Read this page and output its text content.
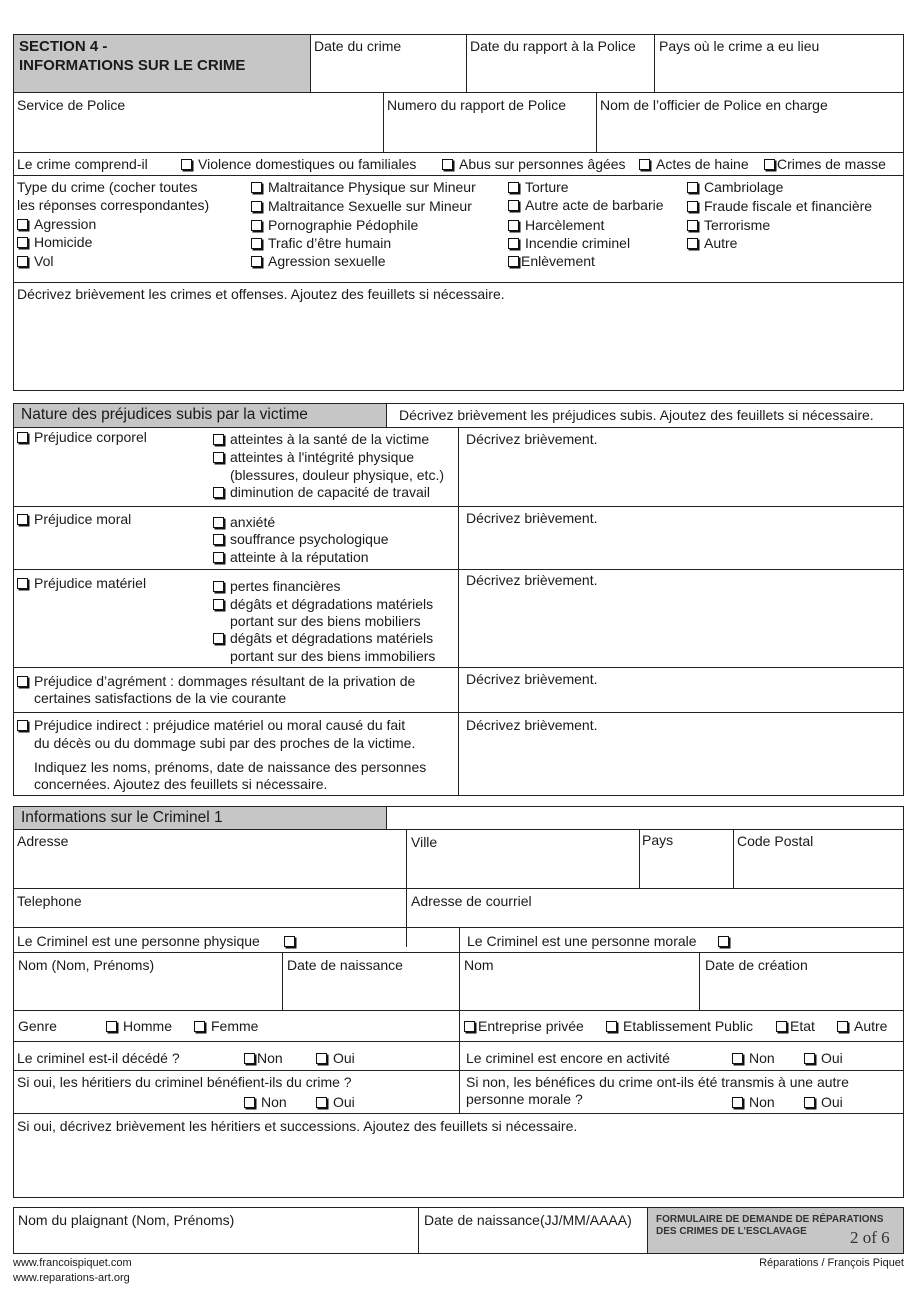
SECTION 4 -
INFORMATIONS SUR LE CRIME
Date du crime	Date du rapport à la Police Pays où le crime a eu lieu
Service de Police	Numero du rapport de Police Nom de l’officier de Police en charge
Le crime comprend-il	Violence domestiques ou familiales	Abus sur personnes âgées	Actes de haine	Crimes de masse
Type du crime (cocher toutes
les réponses correspondantes)
Agression
Homicide
Vol
Maltraitance Physique sur Mineur
Maltraitance Sexuelle sur Mineur
Pornographie Pédophile
Trafic d’être humain
Agression sexuelle
Torture
Autre acte de barbarie
Harcèlement
Incendie criminel
Enlèvement
Cambriolage
Fraude fiscale et financière
Terrorisme
Autre
Décrivez brièvement les crimes et offenses. Ajoutez des feuillets si nécessaire.
Nature des préjudices subis par la victime	Décrivez brièvement les préjudices subis. Ajoutez des feuillets si nécessaire.
Préjudice corporel	atteintes à la santé de la victime
atteintes à l'intégrité physique
(blessures, douleur physique, etc.)
diminution de capacité de travail
Décrivez brièvement.
Préjudice moral	anxiété
souffrance psychologique
atteinte à la réputation
Décrivez brièvement.
Préjudice matériel	pertes financières
dégâts et dégradations matériels
portant sur des biens mobiliers
dégâts et dégradations matériels
portant sur des biens immobiliers
Décrivez brièvement.
Préjudice d’agrément : dommages résultant de la privation de
certaines satisfactions de la vie courante
Décrivez brièvement.
Préjudice indirect : préjudice matériel ou moral causé du fait
du décès ou du dommage subi par des proches de la victime.
Indiquez les noms, prénoms, date de naissance des personnes
concernées. Ajoutez des feuillets si nécessaire.
Décrivez brièvement.
Informations sur le Criminel 1
Adresse	Ville	Pays	Code Postal
Telephone	Adresse de courriel
Le Criminel est une personne physique	Le Criminel est une personne morale
Nom (Nom, Prénoms)	Date de naissance	Nom	Date de création
Genre	Homme	Femme	Entreprise privée	Etablissement Public	Etat	Autre
Le criminel est-il décédé ?	Non	Oui	Le criminel est encore en activité	Non	Oui
Si oui, les héritiers du criminel bénéfient-ils du crime ?
Non	Oui
Si non, les bénéfices du crime ont-ils été transmis à une autre
personne morale ?	Non	Oui
Si oui, décrivez brièvement les héritiers et successions. Ajoutez des feuillets si nécessaire.
Nom du plaignant (Nom, Prénoms)	Date de naissance(JJ/MM/AAAA) FORMULAIRE DE DEMANDE DE RÉPARATIONS
DES CRIMES DE L’ESCLAVAGE	2 of 6
www.francoispiquet.com
www.reparations-art.org
Réparations / François Piquet
